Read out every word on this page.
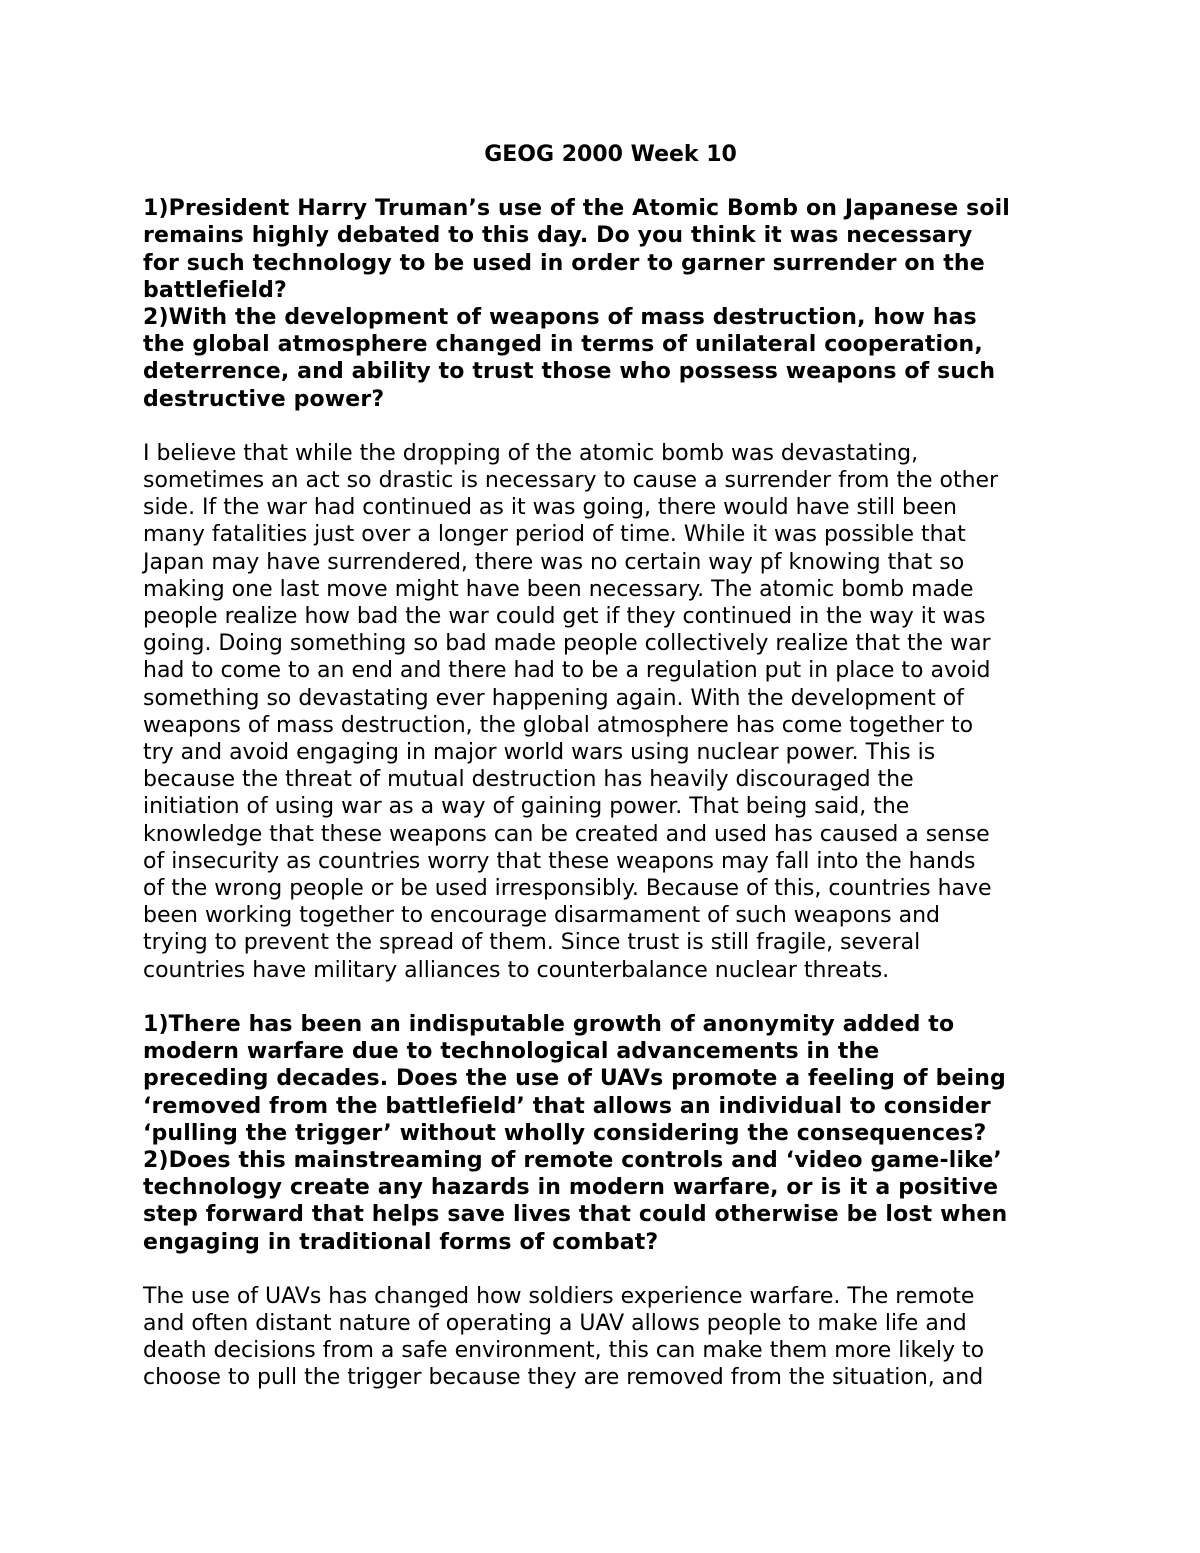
GEOG 2000 Week 10

1)President Harry Truman’s use of the Atomic Bomb on Japanese soil
remains highly debated to this day. Do you think it was necessary
for such technology to be used in order to garner surrender on the
battlefield?
2)With the development of weapons of mass destruction, how has
the global atmosphere changed in terms of unilateral cooperation,
deterrence, and ability to trust those who possess weapons of such
destructive power?
I believe that while the dropping of the atomic bomb was devastating,
sometimes an act so drastic is necessary to cause a surrender from the other
side. If the war had continued as it was going, there would have still been
many fatalities just over a longer period of time. While it was possible that
Japan may have surrendered, there was no certain way pf knowing that so
making one last move might have been necessary. The atomic bomb made
people realize how bad the war could get if they continued in the way it was
going. Doing something so bad made people collectively realize that the war
had to come to an end and there had to be a regulation put in place to avoid
something so devastating ever happening again. With the development of
weapons of mass destruction, the global atmosphere has come together to
try and avoid engaging in major world wars using nuclear power. This is
because the threat of mutual destruction has heavily discouraged the
initiation of using war as a way of gaining power. That being said, the
knowledge that these weapons can be created and used has caused a sense
of insecurity as countries worry that these weapons may fall into the hands
of the wrong people or be used irresponsibly. Because of this, countries have
been working together to encourage disarmament of such weapons and
trying to prevent the spread of them. Since trust is still fragile, several
countries have military alliances to counterbalance nuclear threats.
1)There has been an indisputable growth of anonymity added to
modern warfare due to technological advancements in the
preceding decades. Does the use of UAVs promote a feeling of being
‘removed from the battlefield’ that allows an individual to consider
‘pulling the trigger’ without wholly considering the consequences?
2)Does this mainstreaming of remote controls and ‘video game-like’
technology create any hazards in modern warfare, or is it a positive
step forward that helps save lives that could otherwise be lost when
engaging in traditional forms of combat?
The use of UAVs has changed how soldiers experience warfare. The remote
and often distant nature of operating a UAV allows people to make life and
death decisions from a safe environment, this can make them more likely to
choose to pull the trigger because they are removed from the situation, and
